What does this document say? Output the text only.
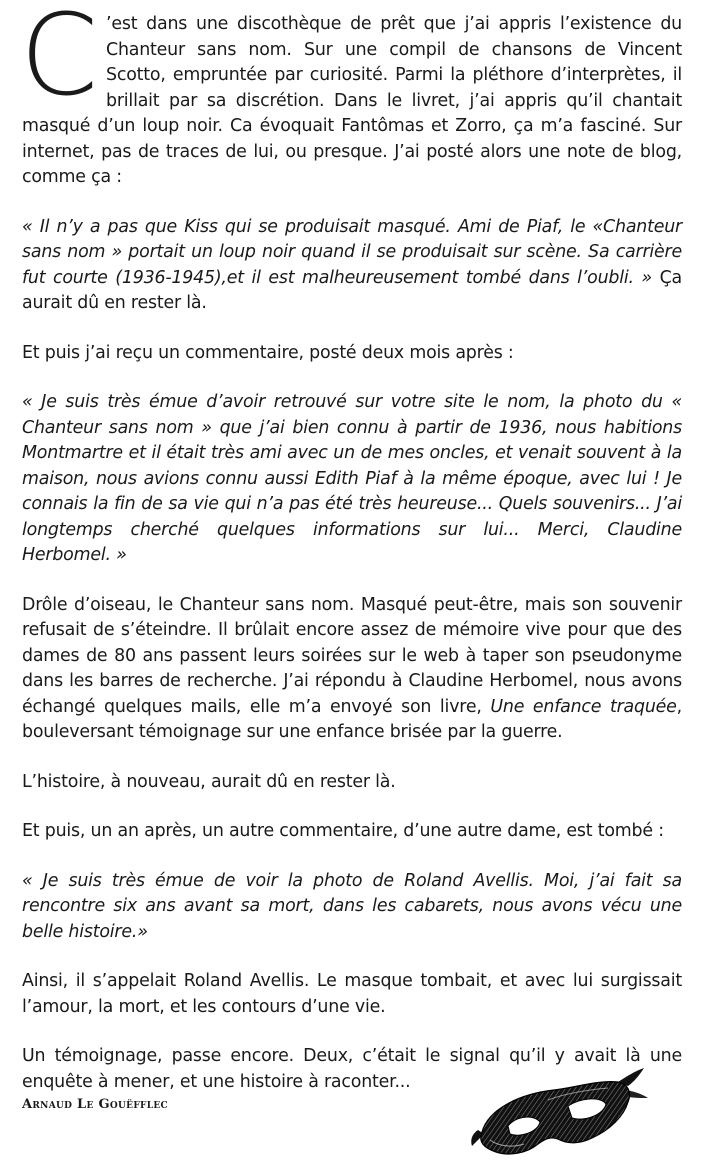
C ’est dans une discothèque de prêt que j’ai appris l’existence du Chanteur sans nom. Sur une compil de chansons de Vincent Scotto, empruntée par curiosité. Parmi la pléthore d’interprètes, il brillait par sa discrétion. Dans le livret, j’ai appris qu’il chantait masqué d’un loup noir. Ca évoquait Fantômas et Zorro, ça m’a fasciné. Sur internet, pas de traces de lui, ou presque. J’ai posté alors une note de blog, comme ça :

« Il n’y a pas que Kiss qui se produisait masqué. Ami de Piaf, le «Chanteur sans nom » portait un loup noir quand il se produisait sur scène. Sa carrière fut courte (1936-1945),et il est malheureusement tombé dans l’oubli. » Ça aurait dû en rester là.

Et puis j’ai reçu un commentaire, posté deux mois après :

« Je suis très émue d’avoir retrouvé sur votre site le nom, la photo du « Chanteur sans nom » que j’ai bien connu à partir de 1936, nous habitions Montmartre et il était très ami avec un de mes oncles, et venait souvent à la maison, nous avions connu aussi Edith Piaf à la même époque, avec lui ! Je connais la fin de sa vie qui n’a pas été très heureuse... Quels souvenirs... J’ai longtemps cherché quelques informations sur lui... Merci, Claudine Herbomel. »

Drôle d’oiseau, le Chanteur sans nom. Masqué peut-être, mais son souvenir refusait de s’éteindre. Il brûlait encore assez de mémoire vive pour que des dames de 80 ans passent leurs soirées sur le web à taper son pseudonyme dans les barres de recherche. J’ai répondu à Claudine Herbomel, nous avons échangé quelques mails, elle m’a envoyé son livre, Une enfance traquée, bouleversant témoignage sur une enfance brisée par la guerre.

L’histoire, à nouveau, aurait dû en rester là.

Et puis, un an après, un autre commentaire, d’une autre dame, est tombé :

« Je suis très émue de voir la photo de Roland Avellis. Moi, j’ai fait sa rencontre six ans avant sa mort, dans les cabarets, nous avons vécu une belle histoire.»

Ainsi, il s’appelait Roland Avellis. Le masque tombait, et avec lui surgissait l’amour, la mort, et les contours d’une vie.

Un témoignage, passe encore. Deux, c’était le signal qu’il y avait là une enquête à mener, et une histoire à raconter...

Arnaud Le Gouëfflec
